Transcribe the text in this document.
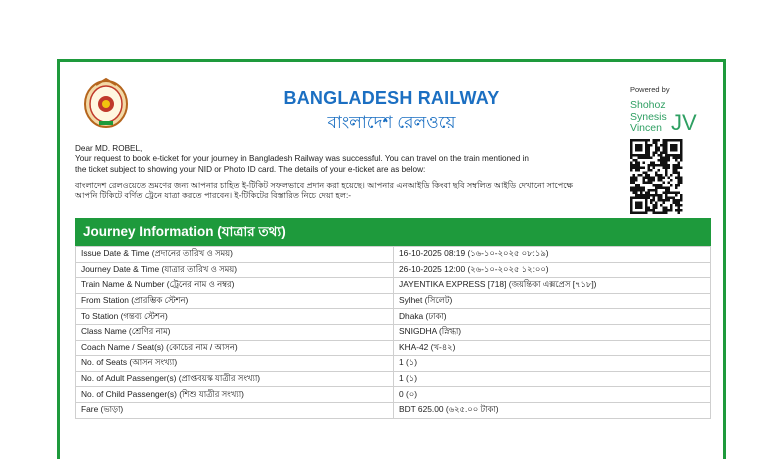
BANGLADESH RAILWAY
বাংলাদেশ রেলওয়ে
Powered by
Shohoz
Synesis
Vincen JV

Dear MD. ROBEL,

Your request to book e-ticket for your journey in Bangladesh Railway was successful. You can travel on the train mentioned in

the ticket subject to showing your NID or Photo ID card. The details of your e-ticket are as below:

বাংলাদেশ রেলওয়েতে ভ্রমণের জন্য আপনার চাহিত ই-টিকিট সফলভাবে প্রদান করা হয়েছে। আপনার এনআইডি কিংবা ছবি সম্বলিত আইডি দেখানো সাপেক্ষে

আপনি টিকিটে বর্ণিত ট্রেনে যাত্রা করতে পারবেন। ই-টিকিটের বিস্তারিত নিচে দেয়া হল:-

Journey Information (যাত্রার তথ্য)
Issue Date & Time (প্রদানের তারিখ ও সময়)	16-10-2025 08:19 (১৬-১০-২০২৫ ০৮:১৯)
Journey Date & Time (যাত্রার তারিখ ও সময়)	26-10-2025 12:00 (২৬-১০-২০২৫ ১২:০০)
Train Name & Number (ট্রেনের নাম ও নম্বর)	JAYENTIKA EXPRESS [718] (জয়ন্তিকা এক্সপ্রেস [৭১৮])
From Station (প্রারম্ভিক স্টেশন)	Sylhet (সিলেট)
To Station (গন্তব্য স্টেশন)	Dhaka (ঢাকা)
Class Name (শ্রেণির নাম)	SNIGDHA (স্নিগ্ধা)
Coach Name / Seat(s) (কোচের নাম / আসন)	KHA-42 (খ-৪২)
No. of Seats (আসন সংখ্যা)	1 (১)
No. of Adult Passenger(s) (প্রাপ্তবয়স্ক যাত্রীর সংখ্যা)	1 (১)
No. of Child Passenger(s) (শিশু যাত্রীর সংখ্যা)	0 (০)
Fare (ভাড়া)	BDT 625.00 (৬২৫.০০ টাকা)
